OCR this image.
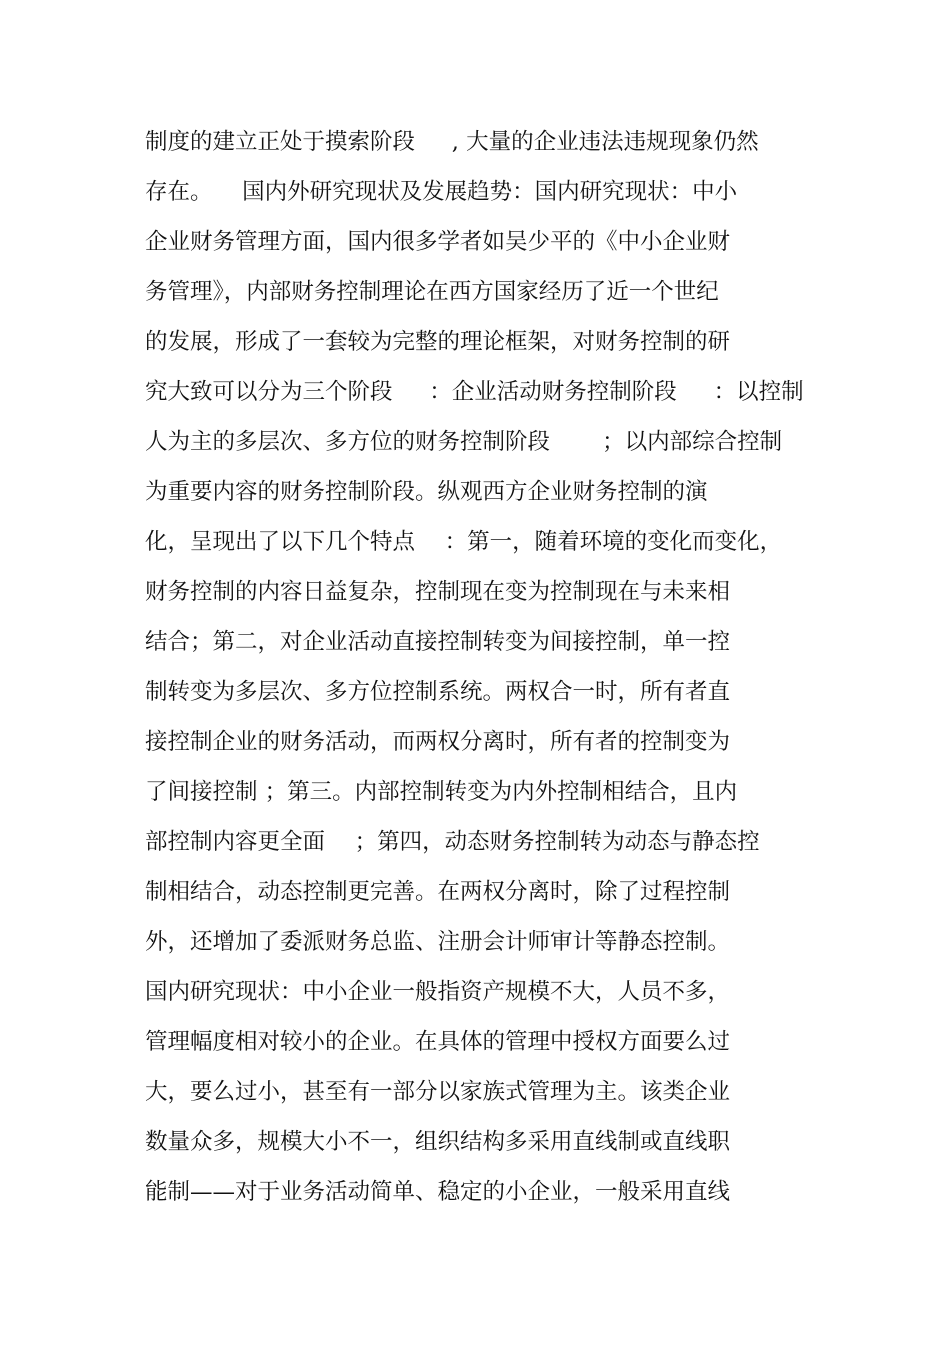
制度的建立正处于摸索阶段 　 , 大量的企业违法违规现象仍然
存在。 　国内外研究现状及发展趋势：国内研究现状：中小
企业财务管理方面，国内很多学者如吴少平的《中小企业财
务管理》，内部财务控制理论在西方国家经历了近一个世纪
的发展，形成了一套较为完整的理论框架，对财务控制的研
究大致可以分为三个阶段 　 ：企业活动财务控制阶段 　 ：以控制
人为主的多层次、多方位的财务控制阶段 　　；以内部综合控制
为重要内容的财务控制阶段。纵观西方企业财务控制的演
化，呈现出了以下几个特点 　：第一，随着环境的变化而变化，
财务控制的内容日益复杂，控制现在变为控制现在与未来相
结合；第二，对企业活动直接控制转变为间接控制，单一控
制转变为多层次、多方位控制系统。两权合一时，所有者直
接控制企业的财务活动，而两权分离时，所有者的控制变为
了间接控制 ；第三。内部控制转变为内外控制相结合，且内
部控制内容更全面 　；第四，动态财务控制转为动态与静态控
制相结合，动态控制更完善。在两权分离时，除了过程控制
外，还增加了委派财务总监、注册会计师审计等静态控制。
国内研究现状：中小企业一般指资产规模不大，人员不多，
管理幅度相对较小的企业。在具体的管理中授权方面要么过
大，要么过小，甚至有一部分以家族式管理为主。该类企业
数量众多，规模大小不一，组织结构多采用直线制或直线职
能制——对于业务活动简单、稳定的小企业，一般采用直线
